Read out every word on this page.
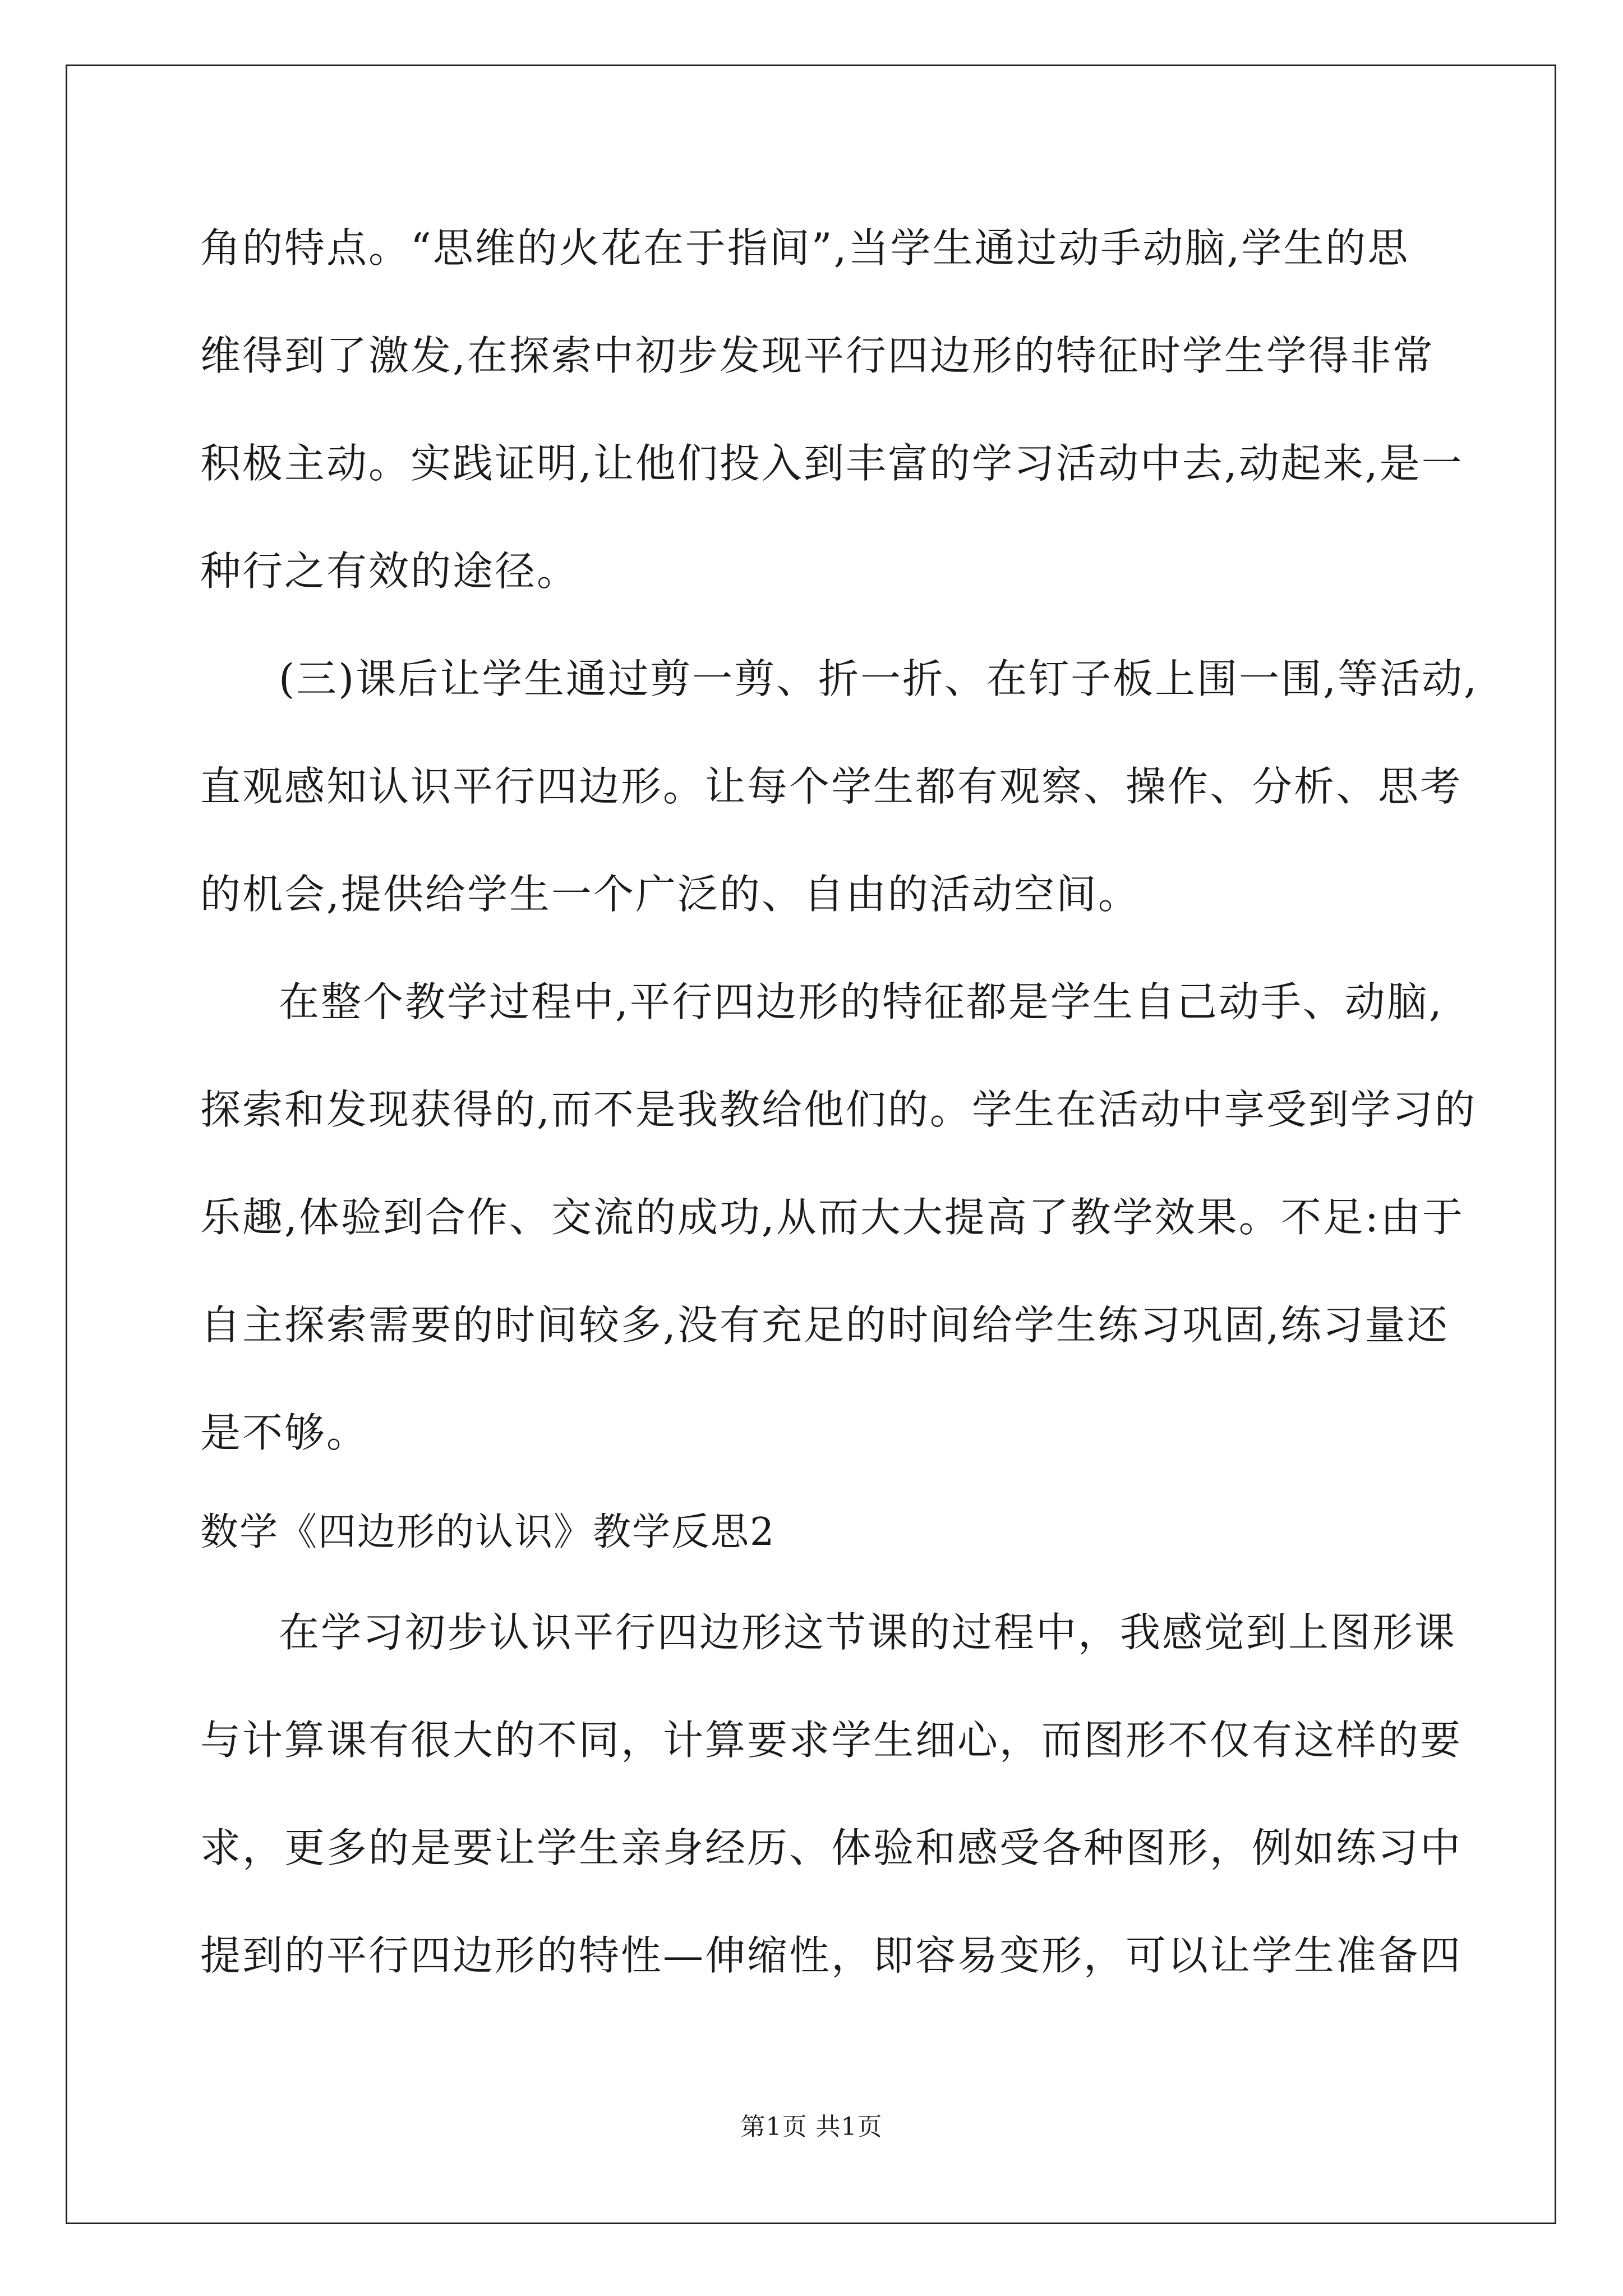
角的特点。“思维的火花在于指间”,当学生通过动手动脑,学生的思
维得到了激发,在探索中初步发现平行四边形的特征时学生学得非常
积极主动。实践证明,让他们投入到丰富的学习活动中去,动起来,是一
种行之有效的途径。
(三)课后让学生通过剪一剪、折一折、在钉子板上围一围,等活动,
直观感知认识平行四边形。让每个学生都有观察、操作、分析、思考
的机会,提供给学生一个广泛的、自由的活动空间。
在整个教学过程中,平行四边形的特征都是学生自己动手、动脑,
探索和发现获得的,而不是我教给他们的。学生在活动中享受到学习的
乐趣,体验到合作、交流的成功,从而大大提高了教学效果。不足:由于
自主探索需要的时间较多,没有充足的时间给学生练习巩固,练习量还
是不够。
数学《四边形的认识》教学反思2
在学习初步认识平行四边形这节课的过程中，我感觉到上图形课
与计算课有很大的不同，计算要求学生细心，而图形不仅有这样的要
求，更多的是要让学生亲身经历、体验和感受各种图形，例如练习中
提到的平行四边形的特性—伸缩性，即容易变形，可以让学生准备四
第1页 共1页
